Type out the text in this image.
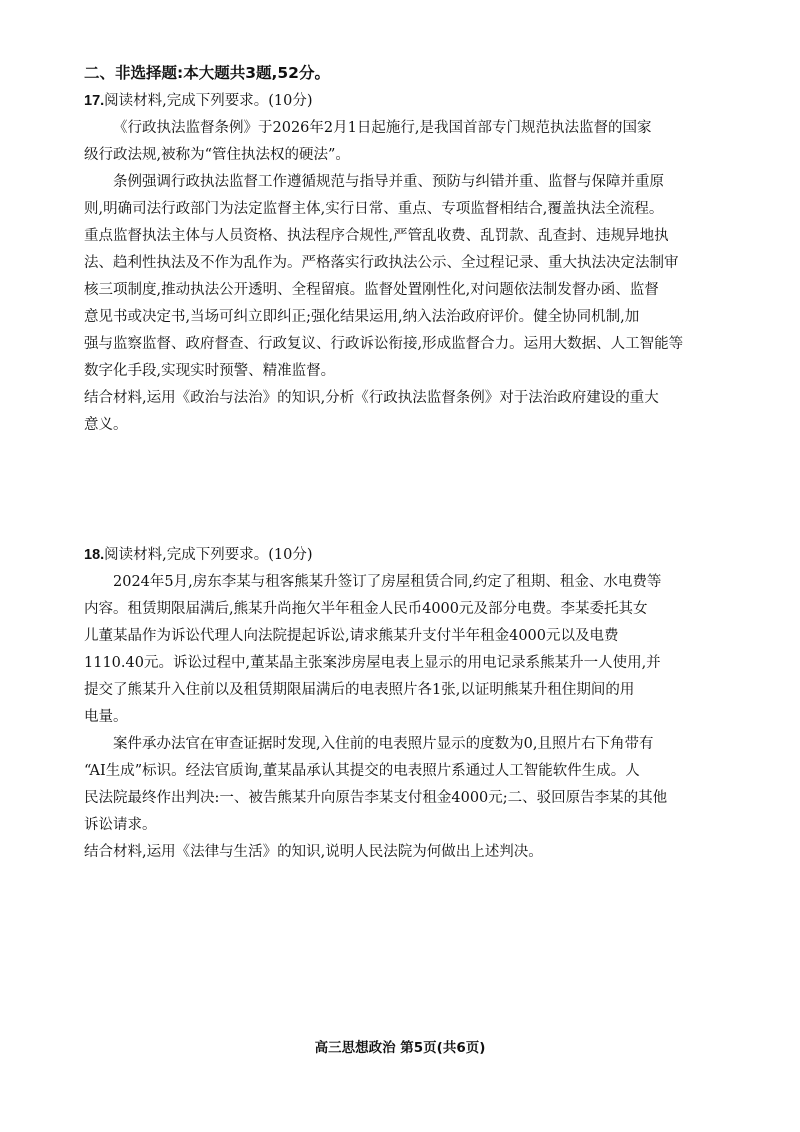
二、非选择题:本大题共3题,52分。

17.阅读材料,完成下列要求。(10分)

《行政执法监督条例》于2026年2月1日起施行,是我国首部专门规范执法监督的国家
级行政法规,被称为“管住执法权的硬法”。

条例强调行政执法监督工作遵循规范与指导并重、预防与纠错并重、监督与保障并重原
则,明确司法行政部门为法定监督主体,实行日常、重点、专项监督相结合,覆盖执法全流程。
重点监督执法主体与人员资格、执法程序合规性,严管乱收费、乱罚款、乱查封、违规异地执
法、趋利性执法及不作为乱作为。严格落实行政执法公示、全过程记录、重大执法决定法制审
核三项制度,推动执法公开透明、全程留痕。监督处置刚性化,对问题依法制发督办函、监督
意见书或决定书,当场可纠立即纠正;强化结果运用,纳入法治政府评价。健全协同机制,加
强与监察监督、政府督查、行政复议、行政诉讼衔接,形成监督合力。运用大数据、人工智能等
数字化手段,实现实时预警、精准监督。

结合材料,运用《政治与法治》的知识,分析《行政执法监督条例》对于法治政府建设的重大
意义。

18.阅读材料,完成下列要求。(10分)

2024年5月,房东李某与租客熊某升签订了房屋租赁合同,约定了租期、租金、水电费等
内容。租赁期限届满后,熊某升尚拖欠半年租金人民币4000元及部分电费。李某委托其女
儿董某晶作为诉讼代理人向法院提起诉讼,请求熊某升支付半年租金4000元以及电费
1110.40元。诉讼过程中,董某晶主张案涉房屋电表上显示的用电记录系熊某升一人使用,并
提交了熊某升入住前以及租赁期限届满后的电表照片各1张,以证明熊某升租住期间的用
电量。

案件承办法官在审查证据时发现,入住前的电表照片显示的度数为0,且照片右下角带有
“AI生成”标识。经法官质询,董某晶承认其提交的电表照片系通过人工智能软件生成。人
民法院最终作出判决:一、被告熊某升向原告李某支付租金4000元;二、驳回原告李某的其他
诉讼请求。

结合材料,运用《法律与生活》的知识,说明人民法院为何做出上述判决。

高三思想政治 第5页(共6页)
